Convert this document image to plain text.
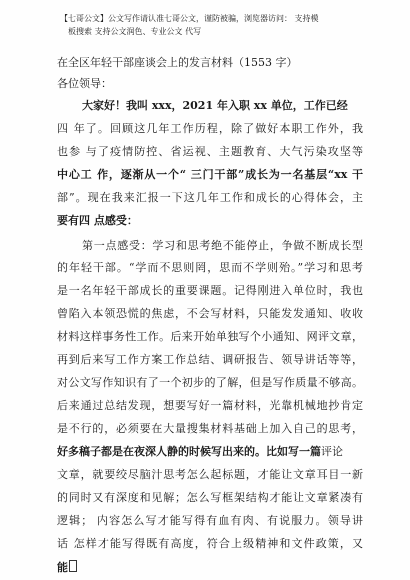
【七哥公文】公文写作请认准七哥公文，谨防被骗，浏览器访问： 支持模
板搜索 支持公文润色、专业公文 代写
在全区年轻干部座谈会上的发言材料（1553 字）
各位领导：
大家好！我叫 xxx，2021 年入职 xx 单位，工作已经
四 年了。回顾这几年工作历程，除了做好本职工作外，我
也参 与了疫情防控、省运视、主题教育、大气污染攻坚等
中心工 作，逐渐从一个“ 三门干部”成长为一名基层“xx 干
部”。现在我来汇报一下这几年工作和成长的心得体会，主
要有四 点感受：
第一点感受：学习和思考绝不能停止，争做不断成长型
的年轻干部。“学而不思则罔，思而不学则殆。”学习和思考
是一名年轻干部成长的重要课题。记得刚进入单位时，我也
曾陷入本领恐慌的焦虑，不会写材料，只能发发通知、收收
材料这样事务性工作。后来开始单独写个小通知、网评文章，
再到后来写工作方案工作总结、调研报告、领导讲话等等，
对公文写作知识有了一个初步的了解，但是写作质量不够高。
后来通过总结发现，想要写好一篇材料，光靠机械地抄肯定
是不行的，必须要在大量搜集材料基础上加入自己的思考，
好多稿子都是在夜深人静的时候写出来的。比如写一篇评论
文章，就要绞尽脑汁思考怎么起标题，才能让文章耳目一新
的同时又有深度和见解；怎么写框架结构才能让文章紧凑有
逻辑； 内容怎么写才能写得有血有肉、有说服力。领导讲
话 怎样才能写得既有高度，符合上级精神和文件政策，又
能
